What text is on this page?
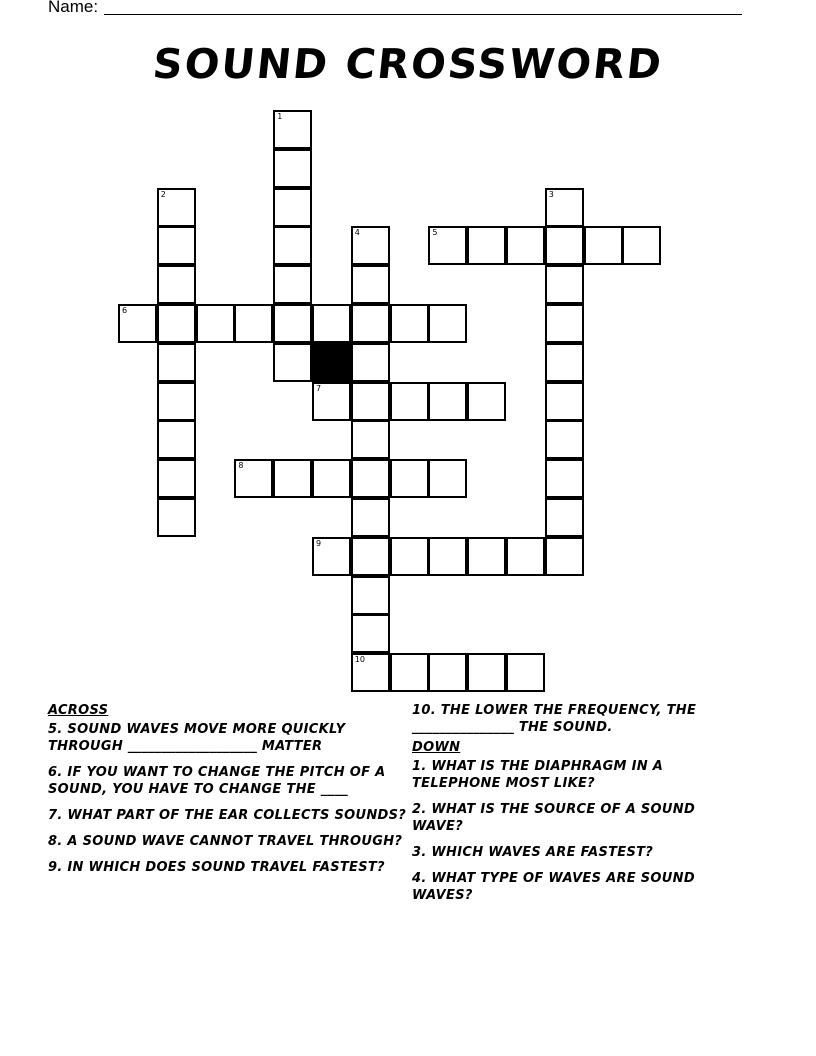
Name:
SOUND CROSSWORD
1
2	3
4
10
5
6
7
8
9
ACROSS
5. SOUND WAVES MOVE MORE QUICKLY THROUGH ___________________ MATTER
6. IF YOU WANT TO CHANGE THE PITCH OF A SOUND, YOU HAVE TO CHANGE THE ____
7. WHAT PART OF THE EAR COLLECTS SOUNDS?
8. A SOUND WAVE CANNOT TRAVEL THROUGH?
9. IN WHICH DOES SOUND TRAVEL FASTEST?
10. THE LOWER THE FREQUENCY, THE _______________ THE SOUND.
DOWN
1. WHAT IS THE DIAPHRAGM IN A TELEPHONE MOST LIKE?
2. WHAT IS THE SOURCE OF A SOUND WAVE?
3. WHICH WAVES ARE FASTEST?
4. WHAT TYPE OF WAVES ARE SOUND WAVES?
